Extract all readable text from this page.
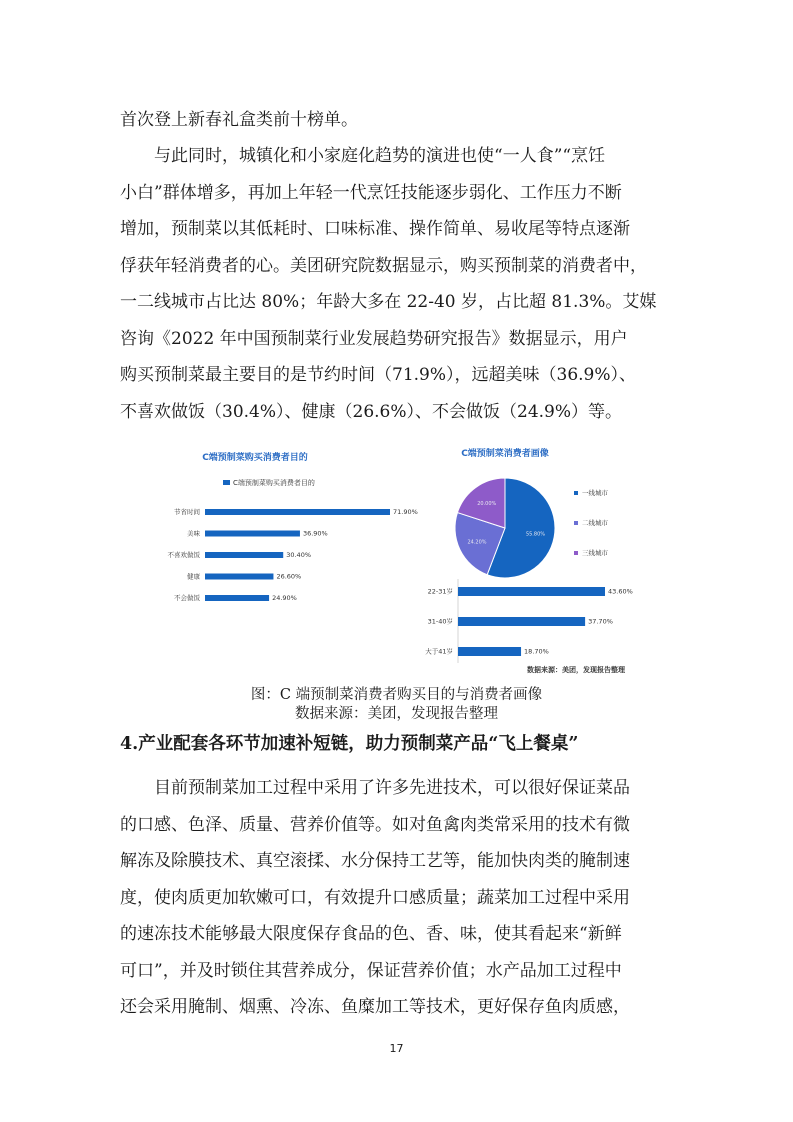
首次登上新春礼盒类前十榜单。

与此同时，城镇化和小家庭化趋势的演进也使“一人食”“烹饪
小白”群体增多，再加上年轻一代烹饪技能逐步弱化、工作压力不断
增加，预制菜以其低耗时、口味标准、操作简单、易收尾等特点逐渐
俘获年轻消费者的心。美团研究院数据显示，购买预制菜的消费者中，
一二线城市占比达 80%；年龄大多在 22-40 岁，占比超 81.3%。艾媒
咨询《2022 年中国预制菜行业发展趋势研究报告》数据显示，用户
购买预制菜最主要目的是节约时间（71.9%），远超美味（36.9%）、
不喜欢做饭（30.4%）、健康（26.6%）、不会做饭（24.9%）等。

C端预制菜购买消费者目的
C端预制菜购买消费者目的
节省时间	71.90%
美味	36.90%
不喜欢做饭	30.40%
健康	26.60%
不会做饭	24.90%
C端预制菜消费者画像
55.80%
24.20%
20.00%
一线城市
二线城市
三线城市
22-31岁	43.60%
31-40岁	37.70%
大于41岁	18.70%
数据来源：美团，发现报告整理
图：C 端预制菜消费者购买目的与消费者画像
数据来源：美团，发现报告整理
4.产业配套各环节加速补短链，助力预制菜产品“飞上餐桌”

目前预制菜加工过程中采用了许多先进技术，可以很好保证菜品
的口感、色泽、质量、营养价值等。如对鱼禽肉类常采用的技术有微
解冻及除膜技术、真空滚揉、水分保持工艺等，能加快肉类的腌制速
度，使肉质更加软嫩可口，有效提升口感质量；蔬菜加工过程中采用
的速冻技术能够最大限度保存食品的色、香、味，使其看起来“新鲜
可口”，并及时锁住其营养成分，保证营养价值；水产品加工过程中
还会采用腌制、烟熏、冷冻、鱼糜加工等技术，更好保存鱼肉质感，

17
